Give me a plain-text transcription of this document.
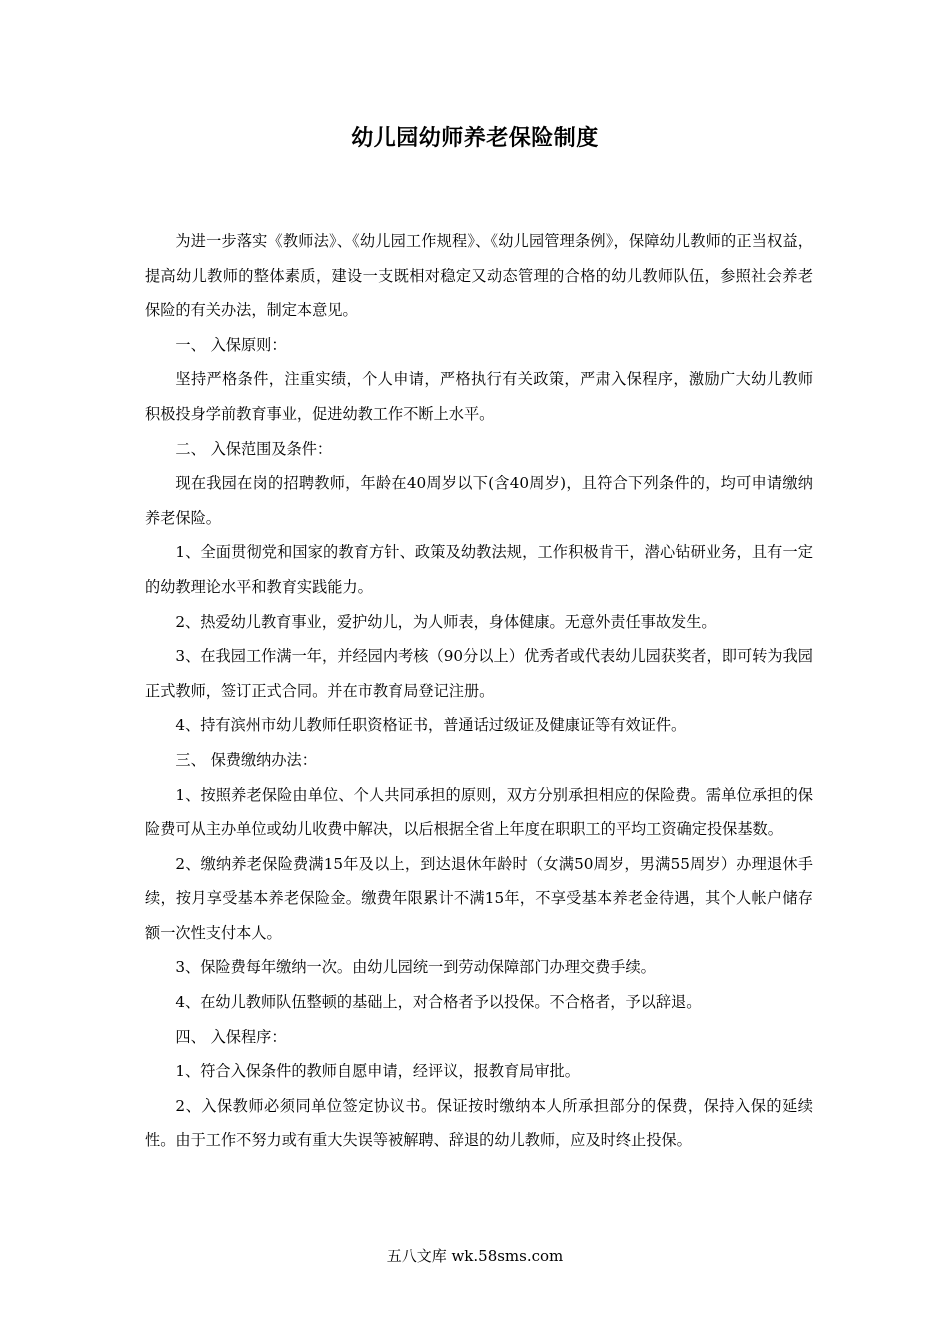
幼儿园幼师养老保险制度

为进一步落实《教师法》、《幼儿园工作规程》、《幼儿园管理条例》，保障幼儿教师的正当权益，提高幼儿教师的整体素质，建设一支既相对稳定又动态管理的合格的幼儿教师队伍，参照社会养老保险的有关办法，制定本意见。

一、 入保原则：

坚持严格条件，注重实绩，个人申请，严格执行有关政策，严肃入保程序，激励广大幼儿教师积极投身学前教育事业，促进幼教工作不断上水平。

二、 入保范围及条件：

现在我园在岗的招聘教师，年龄在40周岁以下(含40周岁)，且符合下列条件的，均可申请缴纳养老保险。

1、全面贯彻党和国家的教育方针、政策及幼教法规，工作积极肯干，潜心钻研业务，且有一定的幼教理论水平和教育实践能力。

2、热爱幼儿教育事业，爱护幼儿，为人师表，身体健康。无意外责任事故发生。

3、在我园工作满一年，并经园内考核（90分以上）优秀者或代表幼儿园获奖者，即可转为我园正式教师，签订正式合同。并在市教育局登记注册。

4、持有滨州市幼儿教师任职资格证书，普通话过级证及健康证等有效证件。

三、 保费缴纳办法：

1、按照养老保险由单位、个人共同承担的原则，双方分别承担相应的保险费。需单位承担的保险费可从主办单位或幼儿收费中解决，以后根据全省上年度在职职工的平均工资确定投保基数。

2、缴纳养老保险费满15年及以上，到达退休年龄时（女满50周岁，男满55周岁）办理退休手续，按月享受基本养老保险金。缴费年限累计不满15年，不享受基本养老金待遇，其个人帐户储存额一次性支付本人。

3、保险费每年缴纳一次。由幼儿园统一到劳动保障部门办理交费手续。

4、在幼儿教师队伍整顿的基础上，对合格者予以投保。不合格者，予以辞退。

四、 入保程序：

1、符合入保条件的教师自愿申请，经评议，报教育局审批。

2、入保教师必须同单位签定协议书。保证按时缴纳本人所承担部分的保费，保持入保的延续性。由于工作不努力或有重大失误等被解聘、辞退的幼儿教师，应及时终止投保。

五八文库 wk.58sms.com
